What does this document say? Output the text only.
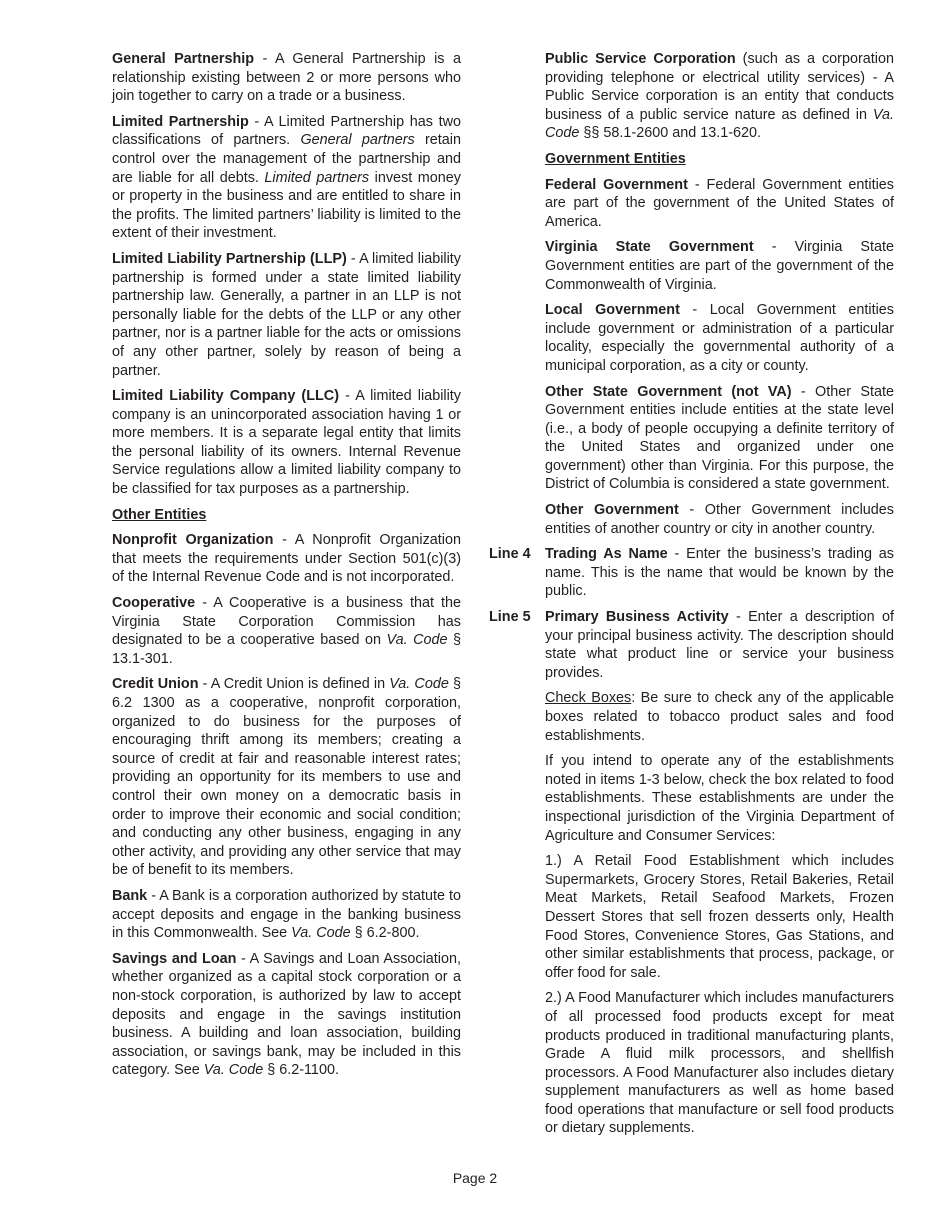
General Partnership - A General Partnership is a relationship existing between 2 or more persons who join together to carry on a trade or a business.

Limited Partnership - A Limited Partnership has two classifications of partners. General partners retain control over the management of the partnership and are liable for all debts. Limited partners invest money or property in the business and are entitled to share in the profits. The limited partners’ liability is limited to the extent of their investment.

Limited Liability Partnership (LLP) - A limited liability partnership is formed under a state limited liability partnership law. Generally, a partner in an LLP is not personally liable for the debts of the LLP or any other partner, nor is a partner liable for the acts or omissions of any other partner, solely by reason of being a partner.

Limited Liability Company (LLC) - A limited liability company is an unincorporated association having 1 or more members. It is a separate legal entity that limits the personal liability of its owners. Internal Revenue Service regulations allow a limited liability company to be classified for tax purposes as a partnership.

Other Entities

Nonprofit Organization - A Nonprofit Organization that meets the requirements under Section 501(c)(3) of the Internal Revenue Code and is not incorporated.

Cooperative - A Cooperative is a business that the Virginia State Corporation Commission has designated to be a cooperative based on Va. Code § 13.1-301.

Credit Union - A Credit Union is defined in Va. Code § 6.2 1300 as a cooperative, nonprofit corporation, organized to do business for the purposes of encouraging thrift among its members; creating a source of credit at fair and reasonable interest rates; providing an opportunity for its members to use and control their own money on a democratic basis in order to improve their economic and social condition; and conducting any other business, engaging in any other activity, and providing any other service that may be of benefit to its members.

Bank - A Bank is a corporation authorized by statute to accept deposits and engage in the banking business in this Commonwealth. See Va. Code § 6.2-800.

Savings and Loan - A Savings and Loan Association, whether organized as a capital stock corporation or a non-stock corporation, is authorized by law to accept deposits and engage in the savings institution business. A building and loan association, building association, or savings bank, may be included in this category. See Va. Code § 6.2-1100.

Public Service Corporation (such as a corporation providing telephone or electrical utility services) - A Public Service corporation is an entity that conducts business of a public service nature as defined in Va. Code §§ 58.1-2600 and 13.1-620.

Government Entities

Federal Government - Federal Government entities are part of the government of the United States of America.

Virginia State Government - Virginia State Government entities are part of the government of the Commonwealth of Virginia.

Local Government - Local Government entities include government or administration of a particular locality, especially the governmental authority of a municipal corporation, as a city or county.

Other State Government (not VA) - Other State Government entities include entities at the state level (i.e., a body of people occupying a definite territory of the United States and organized under one government) other than Virginia. For this purpose, the District of Columbia is considered a state government.

Other Government - Other Government includes entities of another country or city in another country.

Line 4	Trading As Name - Enter the business’s trading as name. This is the name that would be known by the public.
Line 5	Primary Business Activity - Enter a description of your principal business activity. The description should state what product line or service your business provides.

Check Boxes: Be sure to check any of the applicable boxes related to tobacco product sales and food establishments.

If you intend to operate any of the establishments noted in items 1-3 below, check the box related to food establishments. These establishments are under the inspectional jurisdiction of the Virginia Department of Agriculture and Consumer Services:

1.) A Retail Food Establishment which includes Supermarkets, Grocery Stores, Retail Bakeries, Retail Meat Markets, Retail Seafood Markets, Frozen Dessert Stores that sell frozen desserts only, Health Food Stores, Convenience Stores, Gas Stations, and other similar establishments that process, package, or offer food for sale.

2.) A Food Manufacturer which includes manufacturers of all processed food products except for meat products produced in traditional manufacturing plants, Grade A fluid milk processors, and shellfish processors. A Food Manufacturer also includes dietary supplement manufacturers as well as home based food operations that manufacture or sell food products or dietary supplements.

Page 2
